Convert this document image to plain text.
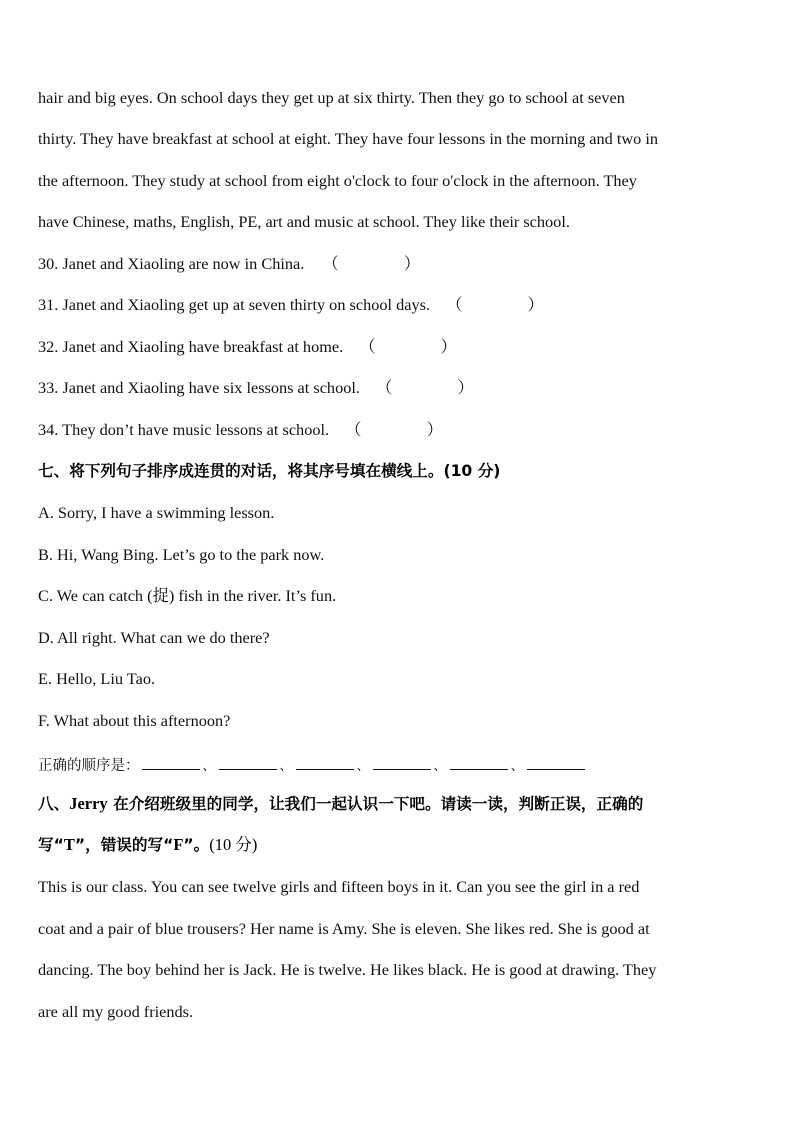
hair and big eyes. On school days they get up at six thirty. Then they go to school at seven
thirty. They have breakfast at school at eight. They have four lessons in the morning and two in
the afternoon. They study at school from eight o'clock to four o'clock in the afternoon. They
have Chinese, maths, English, PE, art and music at school. They like their school.
30. Janet and Xiaoling are now in China. （　　　　）
31. Janet and Xiaoling get up at seven thirty on school days. （　　　　）
32. Janet and Xiaoling have breakfast at home. （　　　　）
33. Janet and Xiaoling have six lessons at school. （　　　　）
34. They don’t have music lessons at school. （　　　　）
七、将下列句子排序成连贯的对话，将其序号填在横线上。(10 分)
A. Sorry, I have a swimming lesson.
B. Hi, Wang Bing. Let’s go to the park now.
C. We can catch (捉) fish in the river. It’s fun.
D. All right. What can we do there?
E. Hello, Liu Tao.
F. What about this afternoon?
正确的顺序是：	、	、	、	、	、
八、Jerry 在介绍班级里的同学，让我们一起认识一下吧。请读一读，判断正误，正确的
写“T”，错误的写“F”。(10 分)
This is our class. You can see twelve girls and fifteen boys in it. Can you see the girl in a red
coat and a pair of blue trousers? Her name is Amy. She is eleven. She likes red. She is good at
dancing. The boy behind her is Jack. He is twelve. He likes black. He is good at drawing. They
are all my good friends.
